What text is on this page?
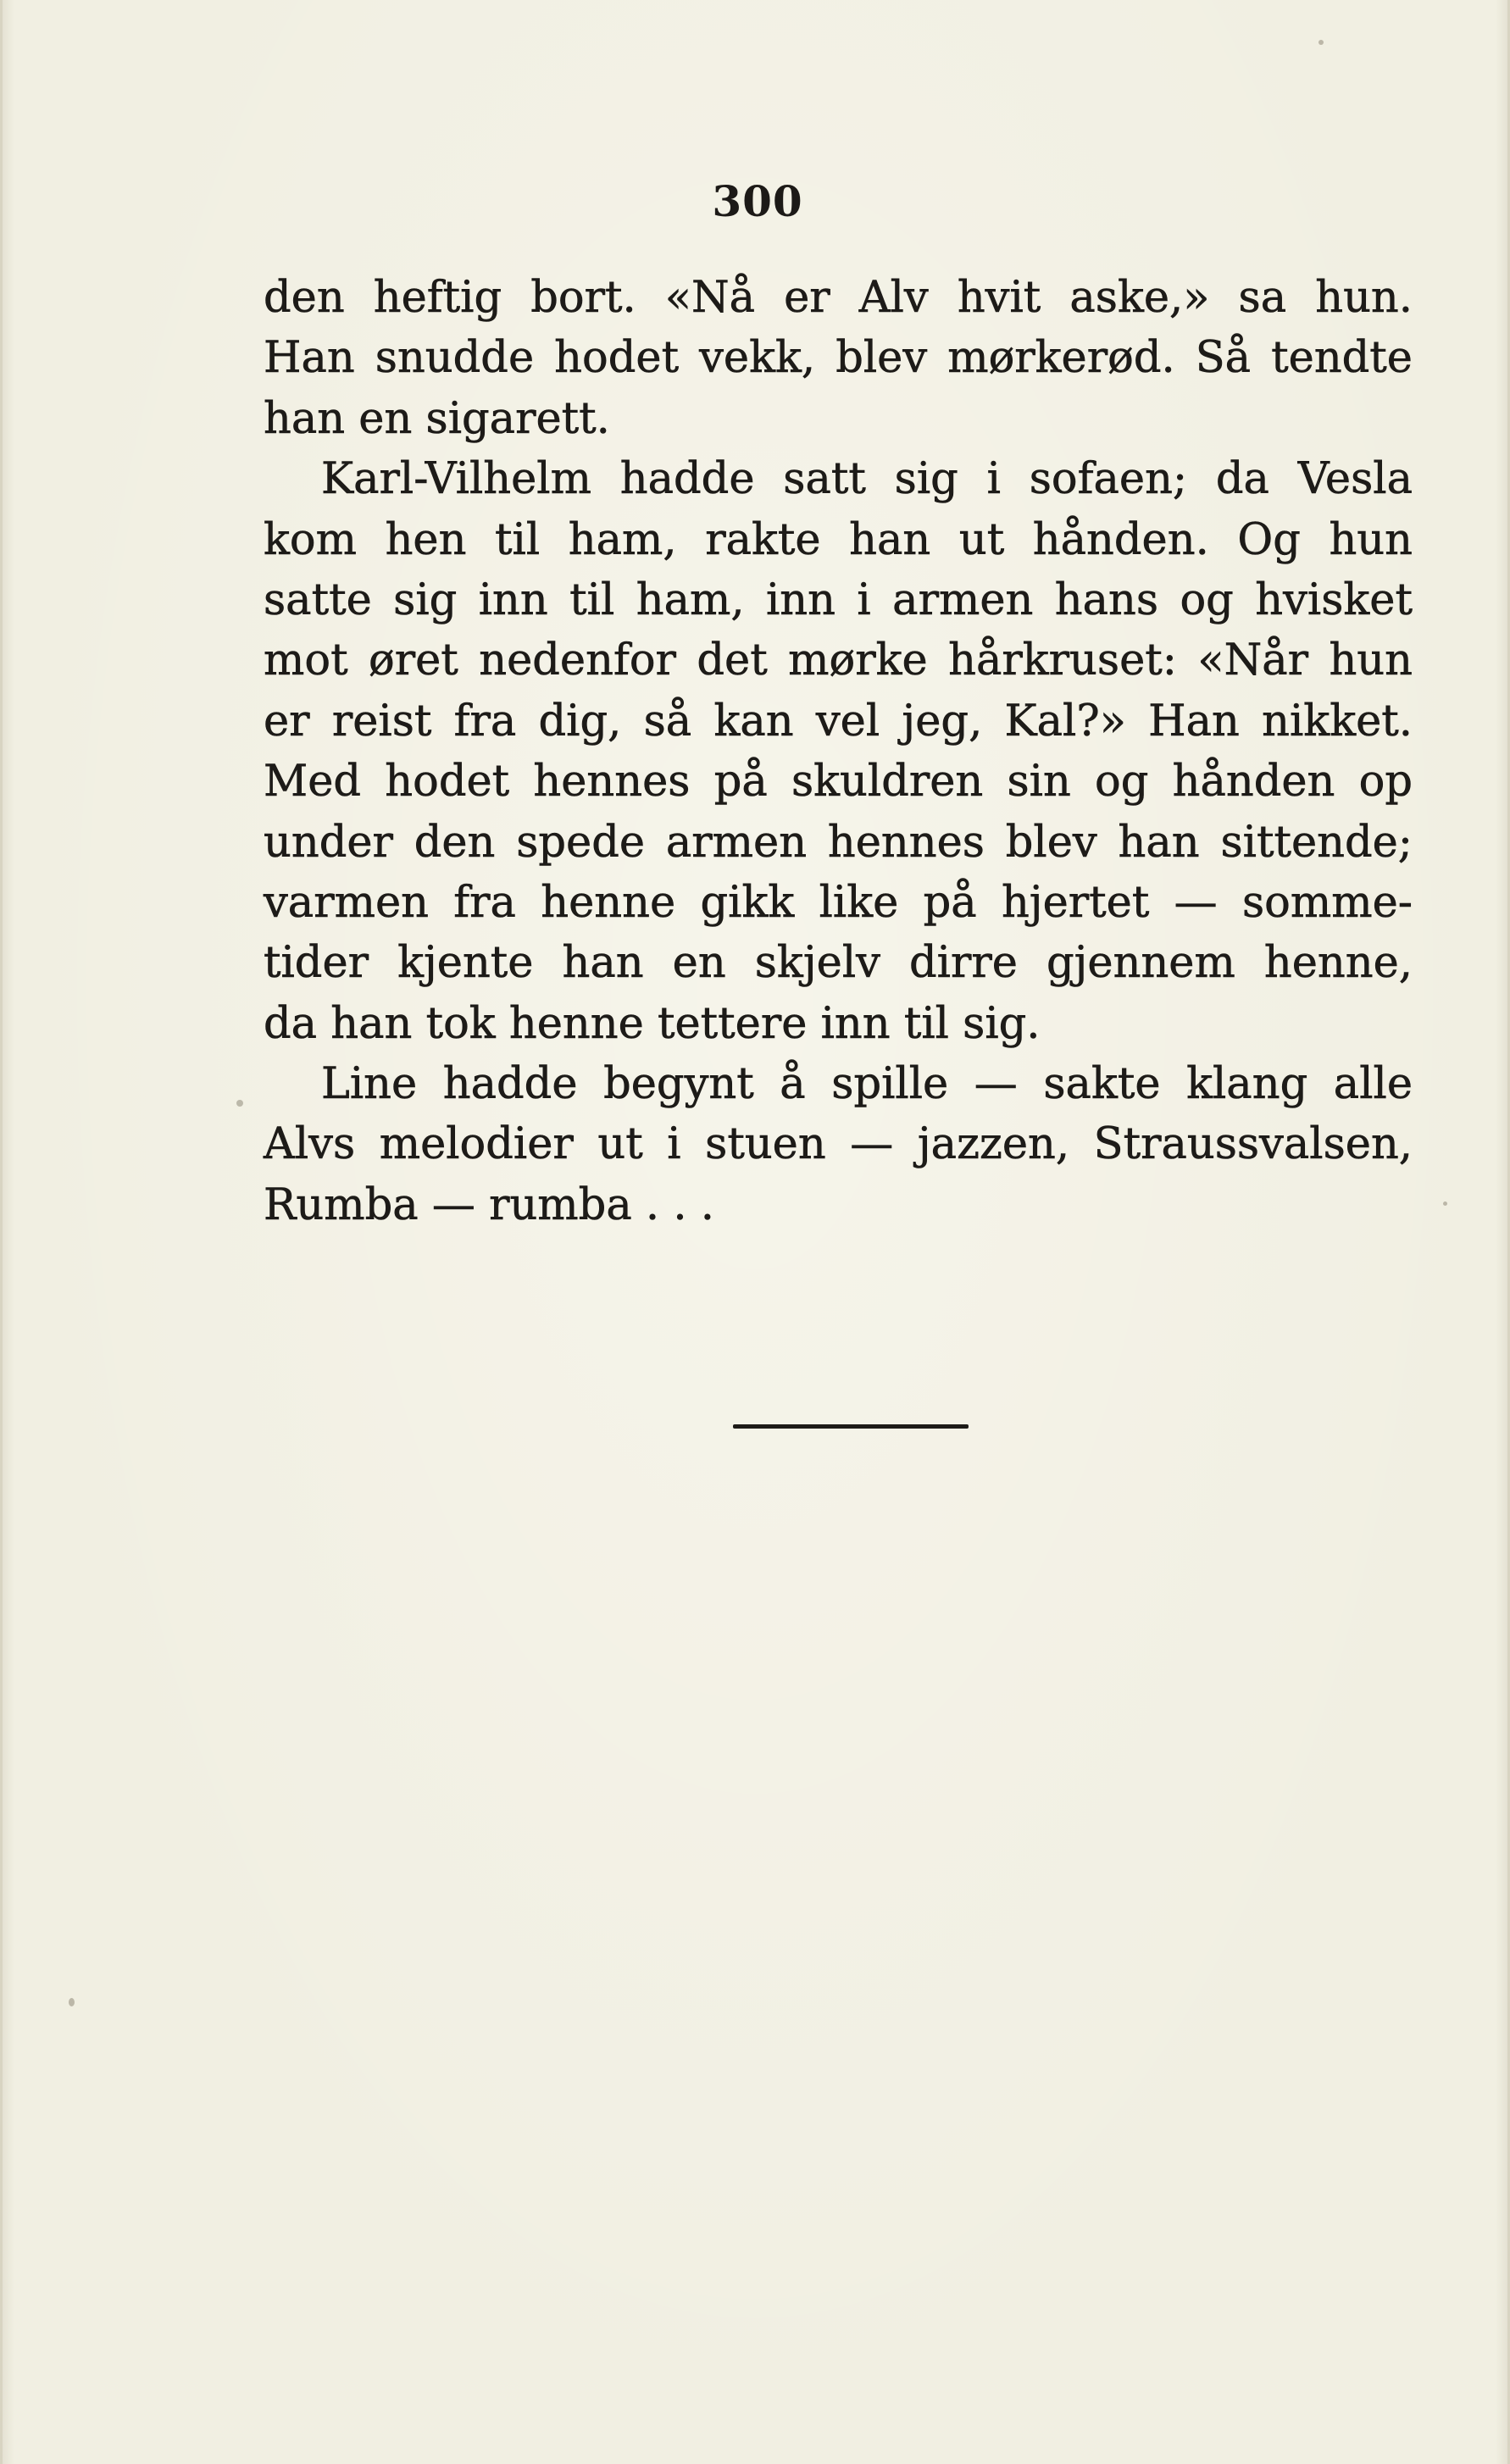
300
den heftig bort. «Nå er Alv hvit aske,» sa hun.
Han snudde hodet vekk, blev mørkerød. Så tendte
han en sigarett.
Karl-Vilhelm hadde satt sig i sofaen; da Vesla
kom hen til ham, rakte han ut hånden. Og hun
satte sig inn til ham, inn i armen hans og hvisket
mot øret nedenfor det mørke hårkruset: «Når hun
er reist fra dig, så kan vel jeg, Kal?» Han nikket.
Med hodet hennes på skuldren sin og hånden op
under den spede armen hennes blev han sittende;
varmen fra henne gikk like på hjertet — somme-
tider kjente han en skjelv dirre gjennem henne,
da han tok henne tettere inn til sig.
Line hadde begynt å spille — sakte klang alle
Alvs melodier ut i stuen — jazzen, Straussvalsen,
Rumba — rumba . . .
